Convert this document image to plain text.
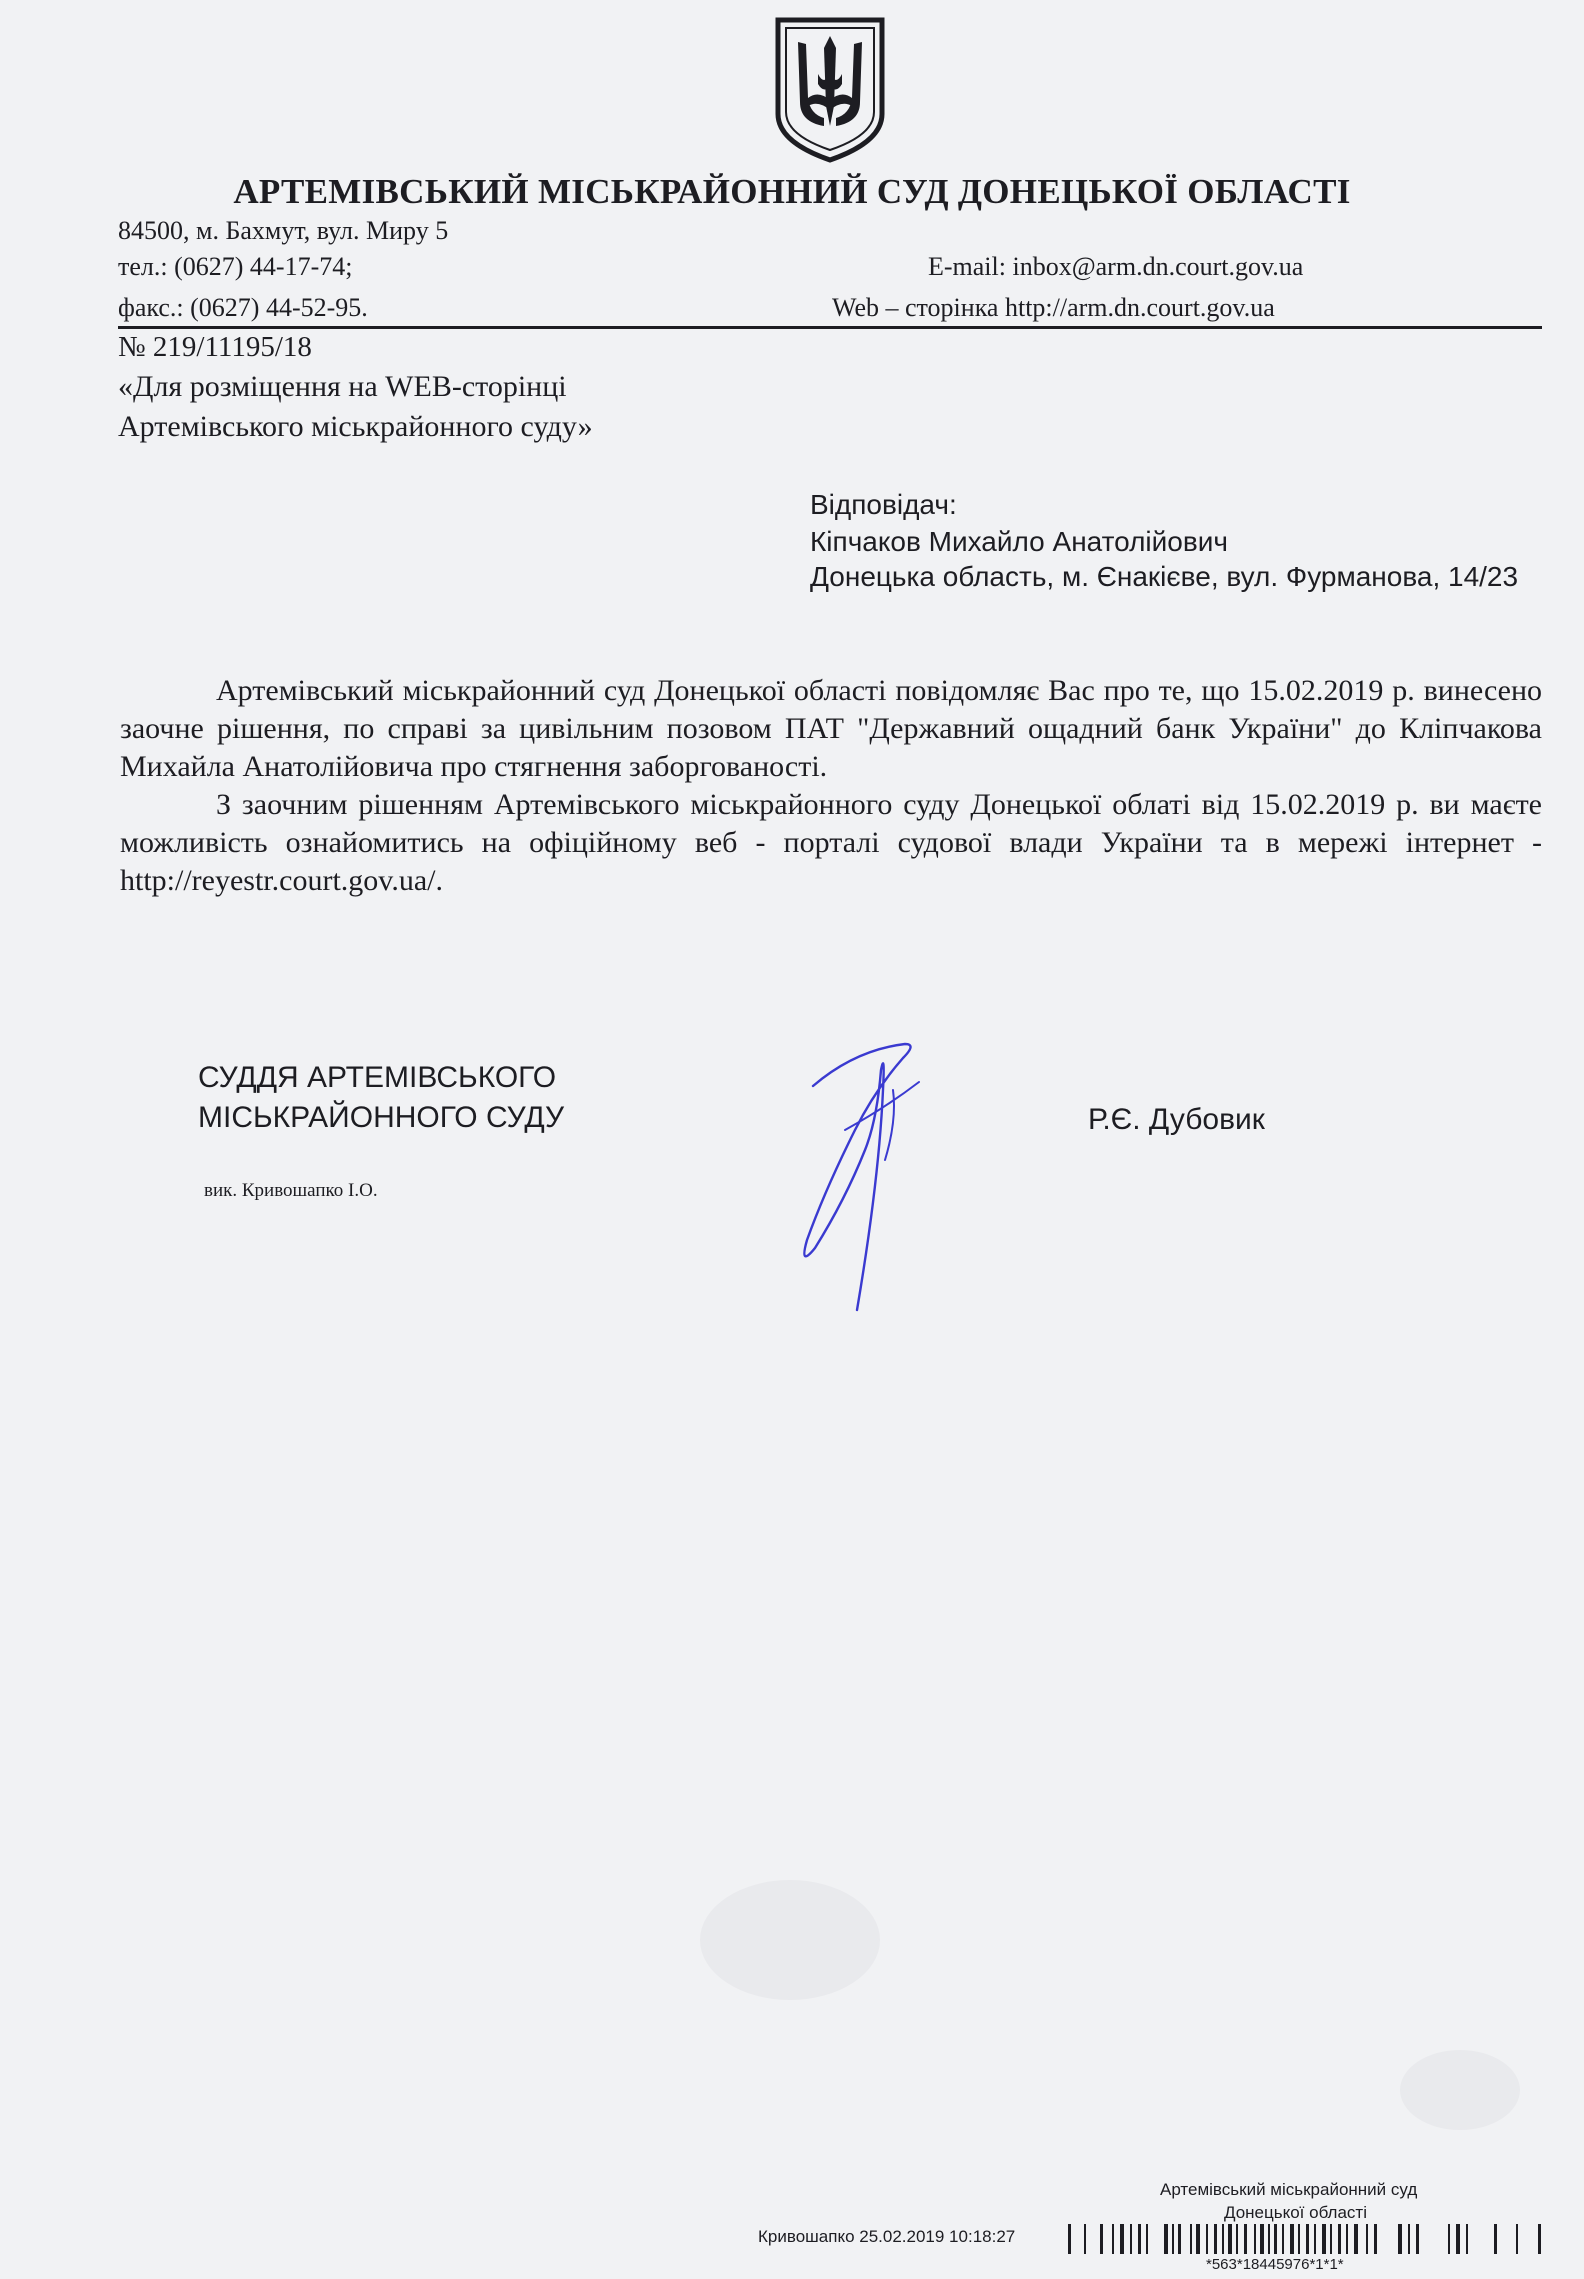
АРТЕМІВСЬКИЙ МІСЬКРАЙОННИЙ СУД ДОНЕЦЬКОЇ ОБЛАСТІ
84500, м. Бахмут, вул. Миру 5
тел.: (0627) 44-17-74;
факс.: (0627) 44-52-95.
E-mail: inbox@arm.dn.court.gov.ua
Web – сторінка http://arm.dn.court.gov.ua
№ 219/11195/18
«Для розміщення на WEB-сторінці
Артемівського міськрайонного суду»
Відповідач:
Кіпчаков Михайло Анатолійович
Донецька область, м. Єнакієве, вул. Фурманова, 14/23

Артемівський міськрайонний суд Донецької області повідомляє Вас про те, що 15.02.2019 р. винесено заочне рішення, по справі за цивільним позовом ПАТ "Державний ощадний банк України" до Кліпчакова Михайла Анатолійовича про стягнення заборгованості.

З заочним рішенням Артемівського міськрайонного суду Донецької облаті від 15.02.2019 р. ви маєте можливість ознайомитись на офіційному веб - порталі судової влади України та в мережі інтернет - http://reyestr.court.gov.ua/.

СУДДЯ АРТЕМІВСЬКОГО
МІСЬКРАЙОННОГО СУДУ	Р.Є. Дубовик
вик. Кривошапко І.О.
Артемівський міськрайонний суд
Донецької області
Кривошапко 25.02.2019 10:18:27
*563*18445976*1*1*
